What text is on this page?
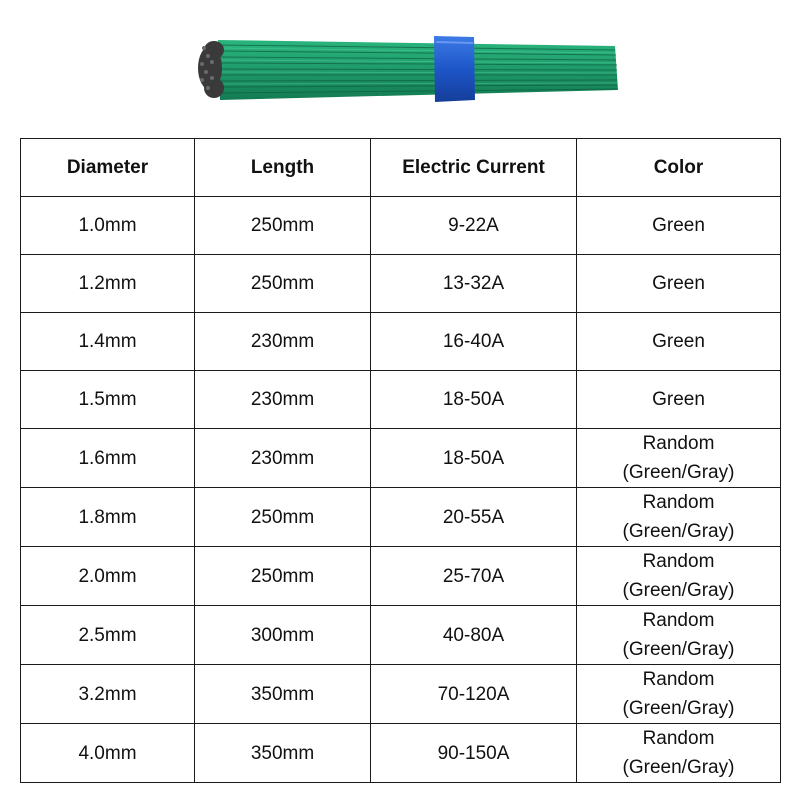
Diameter	Length	Electric Current	Color
1.0mm	250mm	9-22A	Green

1.2mm	250mm	13-32A	Green

1.4mm	230mm	16-40A	Green

1.5mm	230mm	18-50A	Green

1.6mm	230mm	18-50A	Random
(Green/Gray)

1.8mm	250mm	20-55A	Random
(Green/Gray)

2.0mm	250mm	25-70A	Random
(Green/Gray)

2.5mm	300mm	40-80A	Random
(Green/Gray)

3.2mm	350mm	70-120A	Random
(Green/Gray)

4.0mm	350mm	90-150A	Random
(Green/Gray)
